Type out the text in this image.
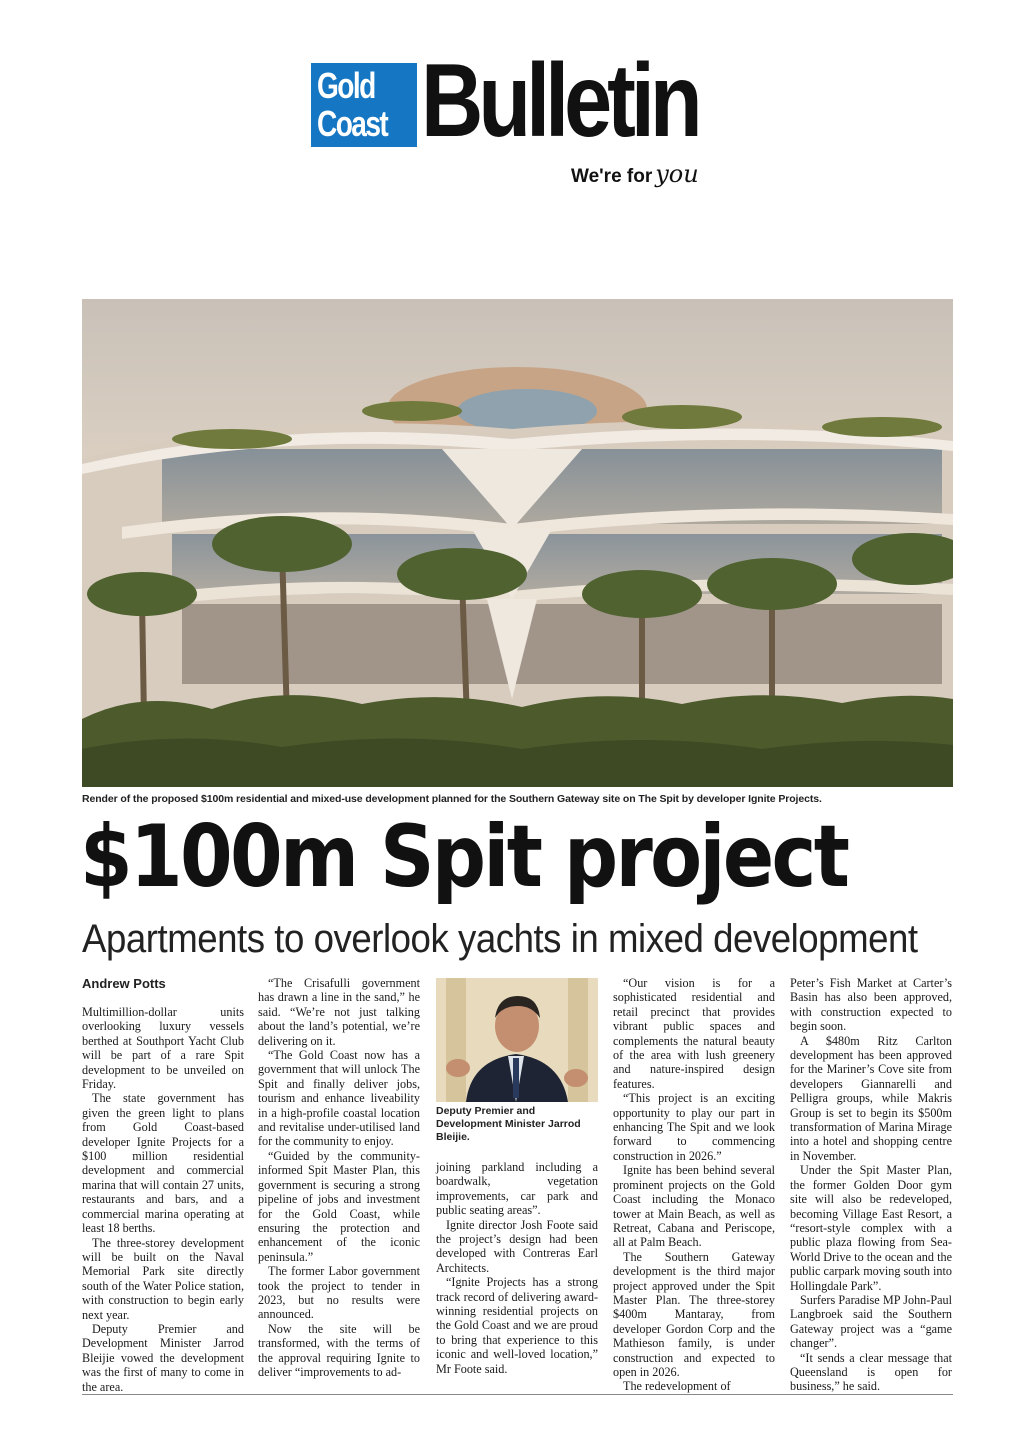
Gold
Coast Bulletin
We're for you
Render of the proposed $100m residential and mixed-use development planned for the Southern Gateway site on The Spit by developer Ignite Projects.
$100m Spit project
Apartments to overlook yachts in mixed development
Andrew Potts

Multimillion-dollar units overlooking luxury vessels berthed at Southport Yacht Club will be part of a rare Spit development to be unveiled on Friday.

The state government has given the green light to plans from Gold Coast-based developer Ignite Projects for a $100 million residential development and commercial marina that will contain 27 units, restaurants and bars, and a commercial marina operating at least 18 berths.

The three-storey development will be built on the Naval Memorial Park site directly south of the Water Police station, with construction to begin early next year.

Deputy Premier and Development Minister Jarrod Bleijie vowed the development was the first of many to come in the area.

“The Crisafulli government has drawn a line in the sand,” he said. “We’re not just talking about the land’s potential, we’re delivering on it.

“The Gold Coast now has a government that will unlock The Spit and finally deliver jobs, tourism and enhance liveability in a high-profile coastal location and revitalise under-utilised land for the community to enjoy.

“Guided by the community-informed Spit Master Plan, this government is securing a strong pipeline of jobs and investment for the Gold Coast, while ensuring the protection and enhancement of the iconic peninsula.”

The former Labor government took the project to tender in 2023, but no results were announced.

Now the site will be transformed, with the terms of the approval requiring Ignite to deliver “improvements to ad-

Deputy Premier and Development Minister Jarrod Bleijie.

joining parkland including a boardwalk, vegetation improvements, car park and public seating areas”.

Ignite director Josh Foote said the project’s design had been developed with Contreras Earl Architects.

“Ignite Projects has a strong track record of delivering award-winning residential projects on the Gold Coast and we are proud to bring that experience to this iconic and well-loved location,” Mr Foote said.

“Our vision is for a sophisticated residential and retail precinct that provides vibrant public spaces and complements the natural beauty of the area with lush greenery and nature-inspired design features.

“This project is an exciting opportunity to play our part in enhancing The Spit and we look forward to commencing construction in 2026.”

Ignite has been behind several prominent projects on the Gold Coast including the Monaco tower at Main Beach, as well as Retreat, Cabana and Periscope, all at Palm Beach.

The Southern Gateway development is the third major project approved under the Spit Master Plan. The three-storey $400m Mantaray, from developer Gordon Corp and the Mathieson family, is under construction and expected to open in 2026.

The redevelopment of

Peter’s Fish Market at Carter’s Basin has also been approved, with construction expected to begin soon.

A $480m Ritz Carlton development has been approved for the Mariner’s Cove site from developers Giannarelli and Pelligra groups, while Makris Group is set to begin its $500m transformation of Marina Mirage into a hotel and shopping centre in November.

Under the Spit Master Plan, the former Golden Door gym site will also be redeveloped, becoming Village East Resort, a “resort-style complex with a public plaza flowing from Sea-World Drive to the ocean and the public carpark moving south into Hollingdale Park”.

Surfers Paradise MP John-Paul Langbroek said the Southern Gateway project was a “game changer”.

“It sends a clear message that Queensland is open for business,” he said.
